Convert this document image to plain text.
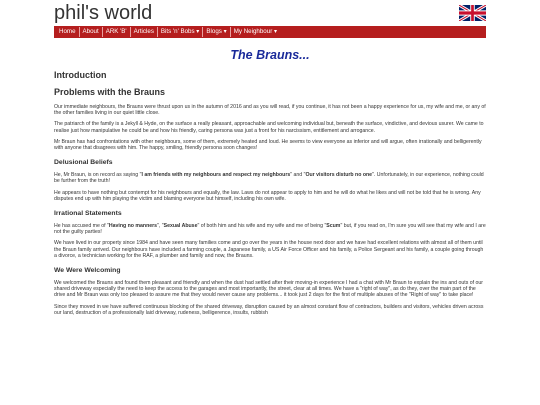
phil's world
Home	About	ARK 'B'	Articles	Bits 'n' Bobs ▾	Blogs ▾	My Neighbour ▾
The Brauns...
Introduction
Problems with the Brauns

Our immediate neighbours, the Brauns were thrust upon us in the autumn of 2016 and as you will read, if you continue, it has not been a happy experience for us, my wife and me, or any of the other families living in our quiet little close.

The patriarch of the family is a Jekyll & Hyde, on the surface a really pleasant, approachable and welcoming individual but, beneath the surface, vindictive, and devious usurer. We came to realise just how manipulative he could be and how his friendly, caring persona was just a front for his narcissism, entitlement and arrogance.

Mr Braun has had confrontations with other neighbours, some of them, extremely heated and loud. He seems to view everyone as inferior and will argue, often irrationally and belligerently with anyone that disagrees with him. The happy, smiling, friendly persona soon changes!

Delusional Beliefs

He, Mr Braun, is on record as saying "I am friends with my neighbours and respect my neighbours" and "Our visitors disturb no one". Unfortunately, in our experience, nothing could be further from the truth!

He appears to have nothing but contempt for his neighbours and equally, the law. Laws do not appear to apply to him and he will do what he likes and will not be told that he is wrong. Any disputes end up with him playing the victim and blaming everyone but himself, including his own wife.

Irrational Statements

He has accused me of "Having no manners", "Sexual Abuse" of both him and his wife and my wife and me of being "Scum" but, if you read on, I'm sure you will see that my wife and I are not the guilty parties!

We have lived in our property since 1984 and have seen many families come and go over the years in the house next door and we have had excellent relations with almost all of them until the Braun family arrived. Our neighbours have included a farming couple, a Japanese family, a US Air Force Officer and his family, a Police Sergeant and his family, a couple going through a divorce, a technician working for the RAF, a plumber and family and now, the Brauns.

We Were Welcoming

We welcomed the Brauns and found them pleasant and friendly and when the dust had settled after their moving-in experience I had a chat with Mr Braun to explain the ins and outs of our shared driveway especially the need to keep the access to the garages and most importantly, the street, clear at all times. We have a "right of way", as do they, over the main part of the drive and Mr Braun was only too pleased to assure me that they would never cause any problems... it took just 2 days for the first of multiple abuses of the "Right of way" to take place!

Since they moved in we have suffered continuous blocking of the shared driveway, disruption caused by an almost constant flow of contractors, builders and visitors, vehicles driven across our land, destruction of a professionally laid driveway, rudeness, belligerence, insults, rubbish
